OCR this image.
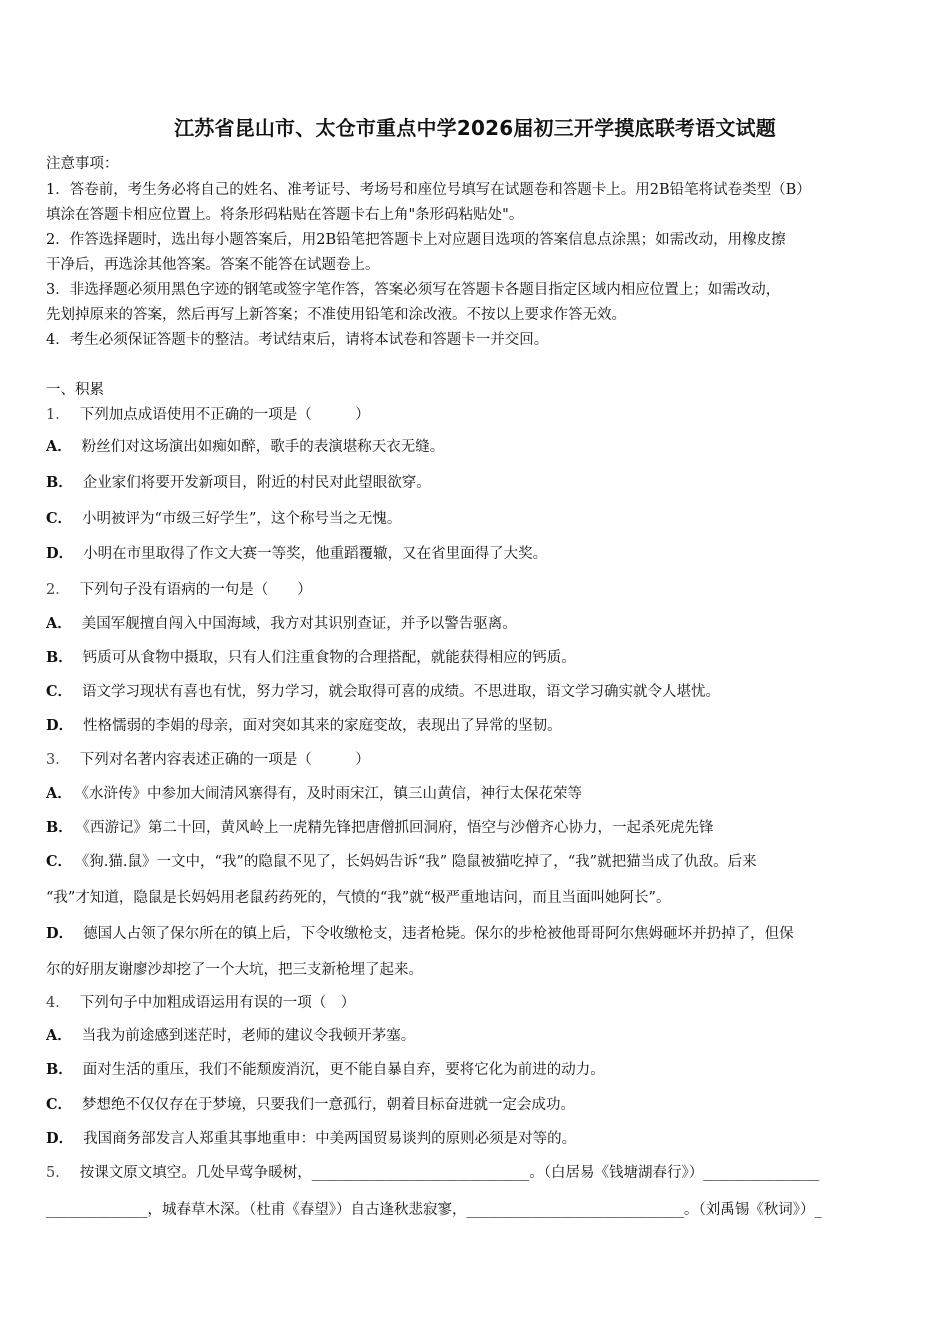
江苏省昆山市、太仓市重点中学2026届初三开学摸底联考语文试题
注意事项：
1．答卷前，考生务必将自己的姓名、准考证号、考场号和座位号填写在试题卷和答题卡上。用2B铅笔将试卷类型（B）
填涂在答题卡相应位置上。将条形码粘贴在答题卡右上角"条形码粘贴处"。
2．作答选择题时，选出每小题答案后，用2B铅笔把答题卡上对应题目选项的答案信息点涂黑；如需改动，用橡皮擦
干净后，再选涂其他答案。答案不能答在试题卷上。
3．非选择题必须用黑色字迹的钢笔或签字笔作答，答案必须写在答题卡各题目指定区域内相应位置上；如需改动，
先划掉原来的答案，然后再写上新答案；不准使用铅笔和涂改液。不按以上要求作答无效。
4．考生必须保证答题卡的整洁。考试结束后，请将本试卷和答题卡一并交回。
一、积累
1． 下列加点成语使用不正确的一项是（　　　）
A． 粉丝们对这场演出如痴如醉，歌手的表演堪称天衣无缝。
B． 企业家们将要开发新项目，附近的村民对此望眼欲穿。
C． 小明被评为“市级三好学生”，这个称号当之无愧。
D． 小明在市里取得了作文大赛一等奖，他重蹈覆辙，又在省里面得了大奖。
2． 下列句子没有语病的一句是（　　）
A． 美国军舰擅自闯入中国海域，我方对其识别查证，并予以警告驱离。
B． 钙质可从食物中摄取，只有人们注重食物的合理搭配，就能获得相应的钙质。
C． 语文学习现状有喜也有忧，努力学习，就会取得可喜的成绩。不思进取，语文学习确实就令人堪忧。
D． 性格懦弱的李娟的母亲，面对突如其来的家庭变故，表现出了异常的坚韧。
3． 下列对名著内容表述正确的一项是（　　　）
A． 《水浒传》中参加大闹清风寨得有，及时雨宋江，镇三山黄信，神行太保花荣等
B． 《西游记》第二十回，黄风岭上一虎精先锋把唐僧抓回洞府，悟空与沙僧齐心协力，一起杀死虎先锋
C． 《狗.猫.鼠》一文中，“我”的隐鼠不见了，长妈妈告诉“我” 隐鼠被猫吃掉了，“我”就把猫当成了仇敌。后来
“我”才知道，隐鼠是长妈妈用老鼠药药死的，气愤的“我”就“极严重地诘问，而且当面叫她阿长”。
D． 德国人占领了保尔所在的镇上后，下令收缴枪支，违者枪毙。保尔的步枪被他哥哥阿尔焦姆砸坏并扔掉了，但保
尔的好朋友谢廖沙却挖了一个大坑，把三支新枪埋了起来。
4． 下列句子中加粗成语运用有误的一项（　）
A． 当我为前途感到迷茫时，老师的建议令我顿开茅塞。
B． 面对生活的重压，我们不能颓废消沉，更不能自暴自弃，要将它化为前进的动力。
C． 梦想绝不仅仅存在于梦境，只要我们一意孤行，朝着目标奋进就一定会成功。
D． 我国商务部发言人郑重其事地重申：中美两国贸易谈判的原则必须是对等的。
5． 按课文原文填空。几处早莺争暖树，______________________________。（白居易《钱塘湖春行》）________________
______________，城春草木深。（杜甫《春望》）自古逢秋悲寂寥，______________________________。（刘禹锡《秋词》）_
